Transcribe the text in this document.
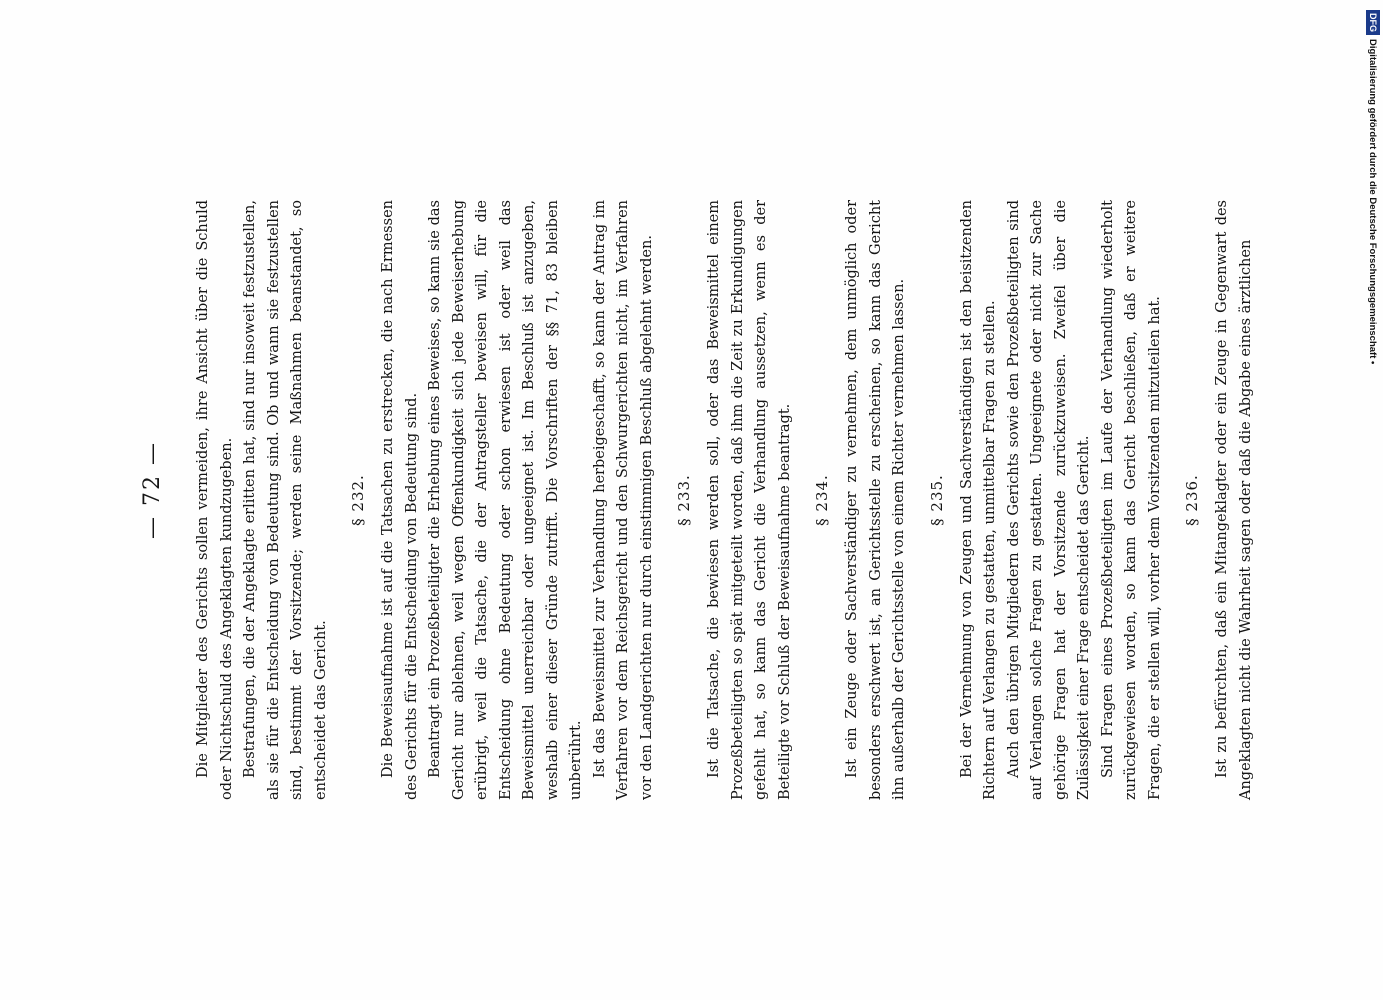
— 72 — Die Mitglieder des Gerichts sollen vermeiden, ihre Ansicht über die Schuld oder Nichtschuld des Angeklagten kundzugeben. Bestrafungen, die der Angeklagte erlitten hat, sind nur insoweit festzustellen, als sie für die Entscheidung von Bedeutung sind. Ob und wann sie festzustellen sind, bestimmt der Vorsitzende; werden seine Maßnahmen beanstandet, so entscheidet das Gericht.

§ 232. Die Beweisaufnahme ist auf die Tatsachen zu erstrecken, die nach Ermessen des Gerichts für die Entscheidung von Bedeutung sind. Beantragt ein Prozeßbeteiligter die Erhebung eines Beweises, so kann sie das Gericht nur ablehnen, weil wegen Offenkundigkeit sich jede Beweiserhebung erübrigt, weil die Tatsache, die der Antragsteller beweisen will, für die Entscheidung ohne Bedeutung oder schon erwiesen ist oder weil das Beweismittel unerreichbar oder ungeeignet ist. Im Beschluß ist anzugeben, weshalb einer dieser Gründe zutrifft. Die Vorschriften der §§ 71, 83 bleiben unberührt. Ist das Beweismittel zur Verhandlung herbeigeschafft, so kann der Antrag im Verfahren vor dem Reichsgericht und den Schwurgerichten nicht, im Verfahren vor den Landgerichten nur durch einstimmigen Beschluß abgelehnt werden.	§ 233. Ist die Tatsache, die bewiesen werden soll, oder das Beweismittel einem Prozeßbeteiligten so spät mitgeteilt worden, daß ihm die Zeit zu Erkundigungen gefehlt hat, so kann das Gericht die Verhandlung aussetzen, wenn es der Beteiligte vor Schluß der Beweisaufnahme beantragt.	§ 234. Ist ein Zeuge oder Sachverständiger zu vernehmen, dem unmöglich oder besonders erschwert ist, an Gerichtsstelle zu erscheinen, so kann das Gericht ihn außerhalb der Gerichtsstelle von einem Richter vernehmen lassen.	§ 235. Bei der Vernehmung von Zeugen und Sachverständigen ist den beisitzenden Richtern auf Verlangen zu gestatten, unmittelbar Fragen zu stellen. Auch den übrigen Mitgliedern des Gerichts sowie den Prozeßbeteiligten sind auf Verlangen solche Fragen zu gestatten. Ungeeignete oder nicht zur Sache gehörige Fragen hat der Vorsitzende zurückzuweisen. Zweifel über die Zulässigkeit einer Frage entscheidet das Gericht. Sind Fragen eines Prozeßbeteiligten im Laufe der Verhandlung wiederholt zurückgewiesen worden, so kann das Gericht beschließen, daß er weitere Fragen, die er stellen will, vorher dem Vorsitzenden mitzuteilen hat.	§ 236. Ist zu befürchten, daß ein Mitangeklagter oder ein Zeuge in Gegenwart des Angeklagten nicht die Wahrheit sagen oder daß die Abgabe eines ärztlichen

DFGDigitalisierung gefördert durch die Deutsche Forschungsgemeinschaft •
